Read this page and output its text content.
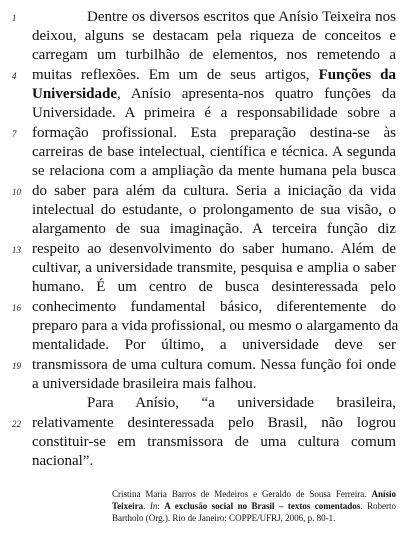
1
4
7
10
13
16
19
22
Dentre os diversos escritos que Anísio Teixeira nos
deixou, alguns se destacam pela riqueza de conceitos e
carregam um turbilhão de elementos, nos remetendo a
muitas reflexões. Em um de seus artigos, Funções da
Universidade, Anísio apresenta-nos quatro funções da
Universidade. A primeira é a responsabilidade sobre a
formação profissional. Esta preparação destina-se às
carreiras de base intelectual, científica e técnica. A segunda
se relaciona com a ampliação da mente humana pela busca
do saber para além da cultura. Seria a iniciação da vida
intelectual do estudante, o prolongamento de sua visão, o
alargamento de sua imaginação. A terceira função diz
respeito ao desenvolvimento do saber humano. Além de
cultivar, a universidade transmite, pesquisa e amplia o saber
humano. É um centro de busca desinteressada pelo
conhecimento fundamental básico, diferentemente do
preparo para a vida profissional, ou mesmo o alargamento da
mentalidade. Por último, a universidade deve ser
transmissora de uma cultura comum. Nessa função foi onde
a universidade brasileira mais falhou.
Para Anísio, “a universidade brasileira,
relativamente desinteressada pelo Brasil, não logrou
constituir-se em transmissora de uma cultura comum
nacional”.
Cristina Maria Barros de Medeiros e Geraldo de Sousa Ferreira. Anísio
Teixeira. In: A exclusão social no Brasil – textos comentados. Roberto
Bartholo (Org.). Rio de Janeiro: COPPE/UFRJ, 2006, p. 80-1.
